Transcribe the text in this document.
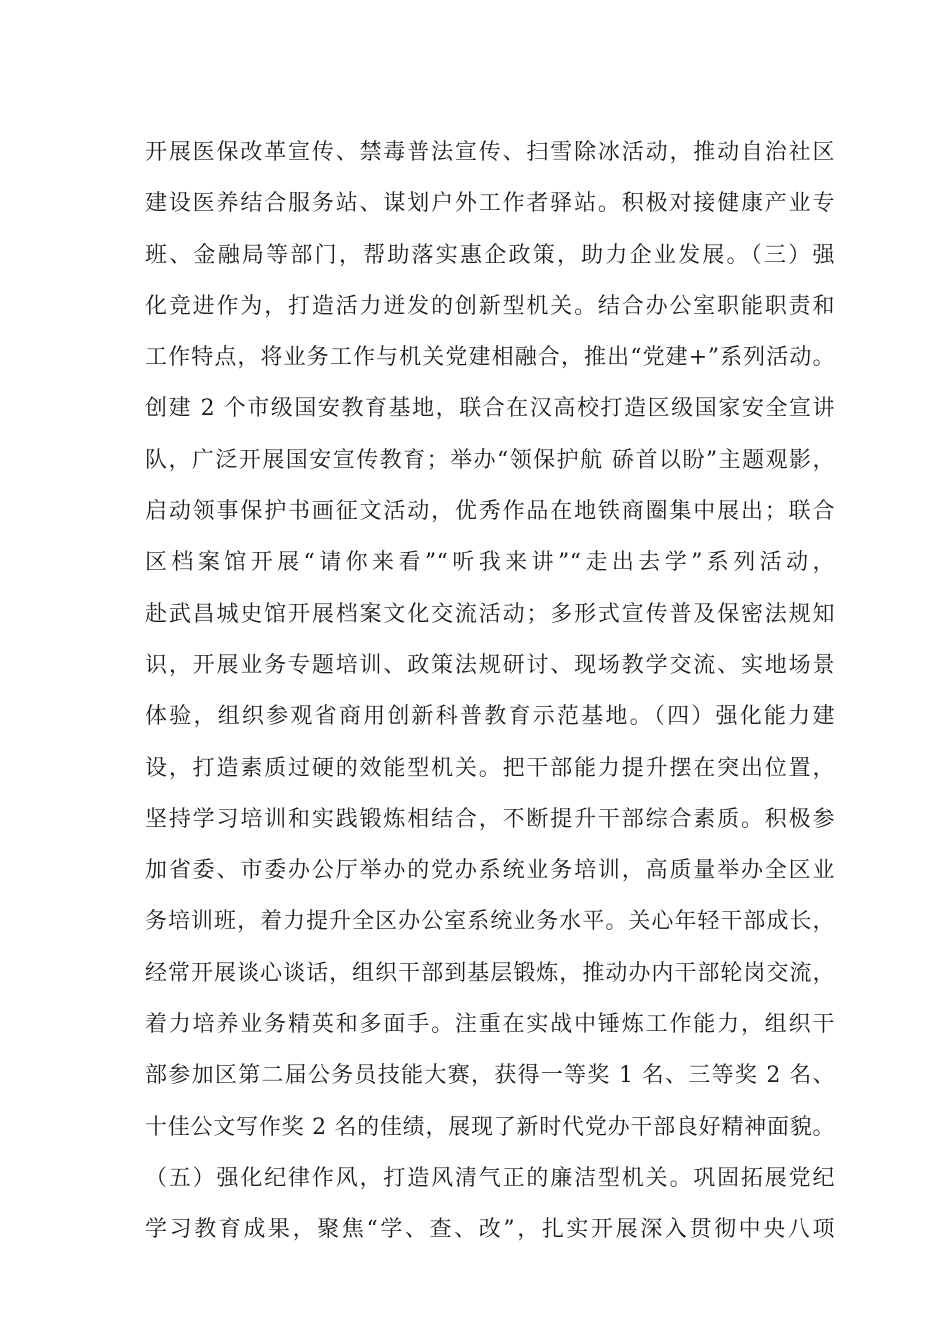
开展医保改革宣传、禁毒普法宣传、扫雪除冰活动，推动自治社区
建设医养结合服务站、谋划户外工作者驿站。积极对接健康产业专
班、金融局等部门，帮助落实惠企政策，助力企业发展。（三）强
化竞进作为，打造活力迸发的创新型机关。结合办公室职能职责和
工作特点，将业务工作与机关党建相融合，推出“党建+”系列活动。
创建 2 个市级国安教育基地，联合在汉高校打造区级国家安全宣讲
队，广泛开展国安宣传教育；举办“领保护航 硚首以盼”主题观影，
启动领事保护书画征文活动，优秀作品在地铁商圈集中展出；联合
区档案馆开展“请你来看”“听我来讲”“走出去学”系列活动，
赴武昌城史馆开展档案文化交流活动；多形式宣传普及保密法规知
识，开展业务专题培训、政策法规研讨、现场教学交流、实地场景
体验，组织参观省商用创新科普教育示范基地。（四）强化能力建
设，打造素质过硬的效能型机关。把干部能力提升摆在突出位置，
坚持学习培训和实践锻炼相结合，不断提升干部综合素质。积极参
加省委、市委办公厅举办的党办系统业务培训，高质量举办全区业
务培训班，着力提升全区办公室系统业务水平。关心年轻干部成长，
经常开展谈心谈话，组织干部到基层锻炼，推动办内干部轮岗交流，
着力培养业务精英和多面手。注重在实战中锤炼工作能力，组织干
部参加区第二届公务员技能大赛，获得一等奖 1 名、三等奖 2 名、
十佳公文写作奖 2 名的佳绩，展现了新时代党办干部良好精神面貌。
（五）强化纪律作风，打造风清气正的廉洁型机关。巩固拓展党纪
学习教育成果，聚焦“学、查、改”，扎实开展深入贯彻中央八项
